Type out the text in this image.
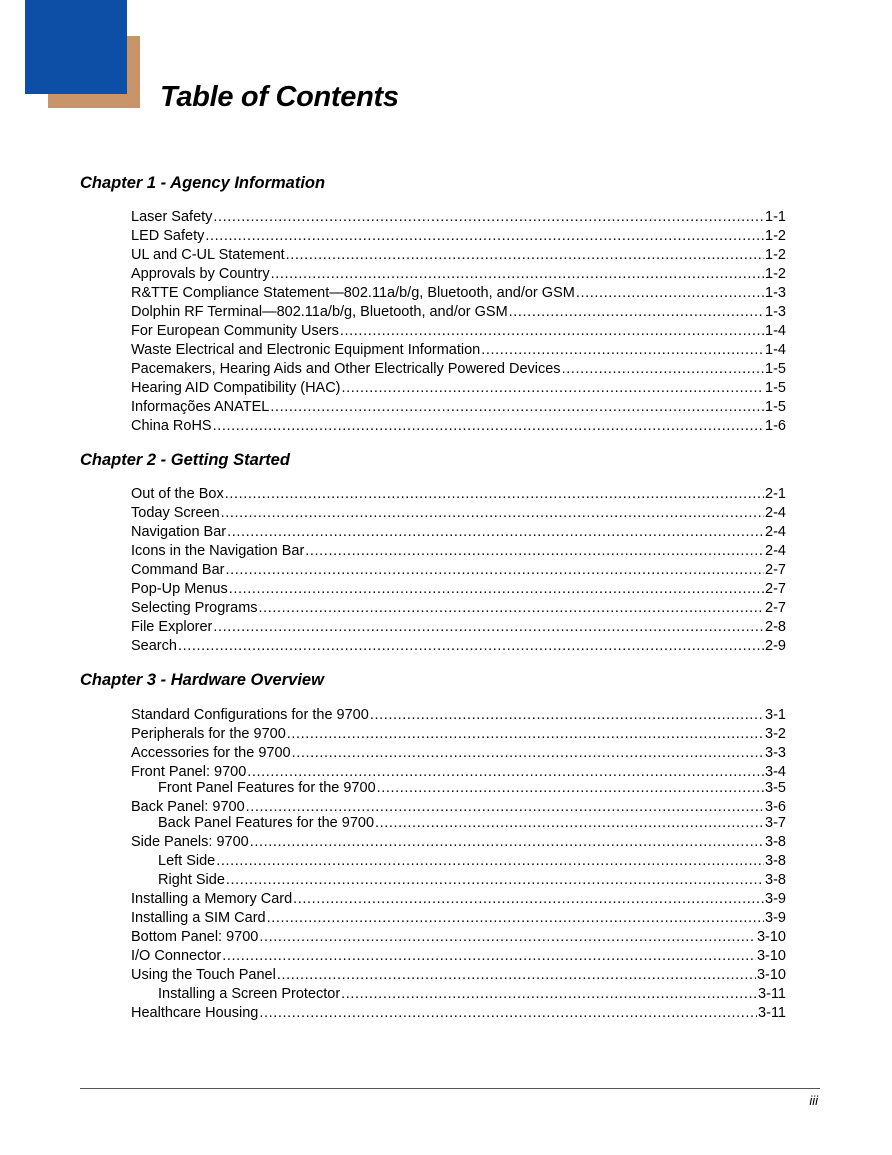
Table of Contents
Chapter 1 - Agency Information
Laser Safety .....	1-1
LED Safety .....	1-2
UL and C-UL Statement .....	1-2
Approvals by Country .....	1-2
R&TTE Compliance Statement—802.11a/b/g, Bluetooth, and/or GSM .....	1-3
Dolphin RF Terminal—802.11a/b/g, Bluetooth, and/or GSM .....	1-3
For European Community Users .....	1-4
Waste Electrical and Electronic Equipment Information .....	1-4
Pacemakers, Hearing Aids and Other Electrically Powered Devices .....	1-5
Hearing AID Compatibility (HAC) .....	1-5
Informações ANATEL .....	1-5
China RoHS .....	1-6
Chapter 2 - Getting Started
Out of the Box .....	2-1
Today Screen .....	2-4
Navigation Bar .....	2-4
Icons in the Navigation Bar .....	2-4
Command Bar .....	2-7
Pop-Up Menus .....	2-7
Selecting Programs .....	2-7
File Explorer .....	2-8
Search .....	2-9
Chapter 3 - Hardware Overview
Standard Configurations for the 9700 .....	3-1
Peripherals for the 9700 .....	3-2
Accessories for the 9700 .....	3-3
Front Panel: 9700 .....	3-4
Front Panel Features for the 9700 .....	3-5
Back Panel: 9700 .....	3-6
Back Panel Features for the 9700 .....	3-7
Side Panels: 9700 .....	3-8
Left Side .....	3-8
Right Side .....	3-8
Installing a Memory Card .....	3-9
Installing a SIM Card .....	3-9
Bottom Panel: 9700 .....	3-10
I/O Connector .....	3-10
Using the Touch Panel .....	3-10
Installing a Screen Protector .....	3-11
Healthcare Housing .....	3-11
iii
